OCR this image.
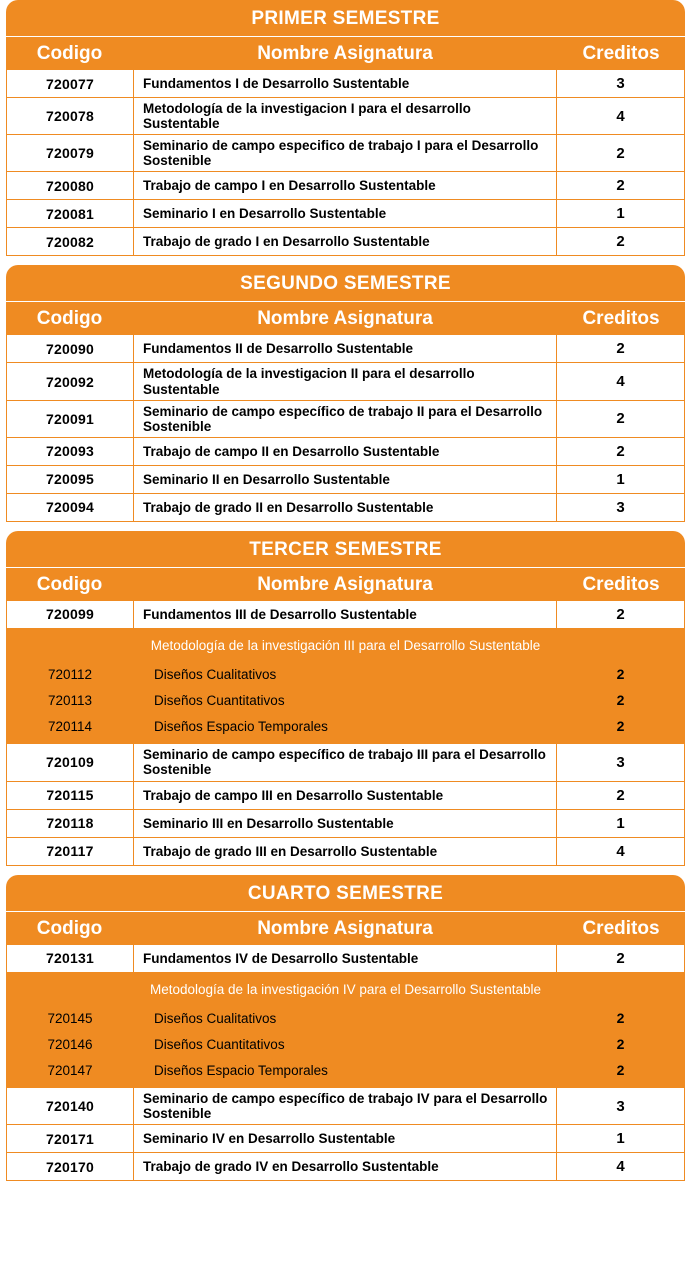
PRIMER SEMESTRE
Codigo	Nombre Asignatura	Creditos
720077	Fundamentos I de Desarrollo Sustentable	3
720078	Metodología de la investigacion I para el desarrollo Sustentable	4
720079	Seminario de campo especifico de trabajo I para el Desarrollo Sostenible	2
720080	Trabajo de campo I en Desarrollo Sustentable	2
720081	Seminario I en Desarrollo Sustentable	1
720082	Trabajo de grado I en Desarrollo Sustentable	2
SEGUNDO SEMESTRE
Codigo	Nombre Asignatura	Creditos
720090	Fundamentos II de Desarrollo Sustentable	2
720092	Metodología de la investigacion II para el desarrollo Sustentable	4
720091	Seminario de campo específico de trabajo II para el Desarrollo Sostenible	2
720093	Trabajo de campo II en Desarrollo Sustentable	2
720095	Seminario II en Desarrollo Sustentable	1
720094	Trabajo de grado II en Desarrollo Sustentable	3
TERCER SEMESTRE
Codigo	Nombre Asignatura	Creditos
720099	Fundamentos III de Desarrollo Sustentable	2
Metodología de la investigación III para el Desarrollo Sustentable
720112	Diseños Cualitativos	2
720113	Diseños Cuantitativos	2
720114	Diseños Espacio Temporales	2
720109	Seminario de campo específico de trabajo III para el Desarrollo Sostenible	3
720115	Trabajo de campo III en Desarrollo Sustentable	2
720118	Seminario III en Desarrollo Sustentable	1
720117	Trabajo de grado III en Desarrollo Sustentable	4
CUARTO SEMESTRE
Codigo	Nombre Asignatura	Creditos
720131	Fundamentos IV de Desarrollo Sustentable	2
Metodología de la investigación IV para el Desarrollo Sustentable
720145	Diseños Cualitativos	2
720146	Diseños Cuantitativos	2
720147	Diseños Espacio Temporales	2
720140	Seminario de campo específico de trabajo IV para el Desarrollo Sostenible	3
720171	Seminario IV en Desarrollo Sustentable	1
720170	Trabajo de grado IV en Desarrollo Sustentable	4
